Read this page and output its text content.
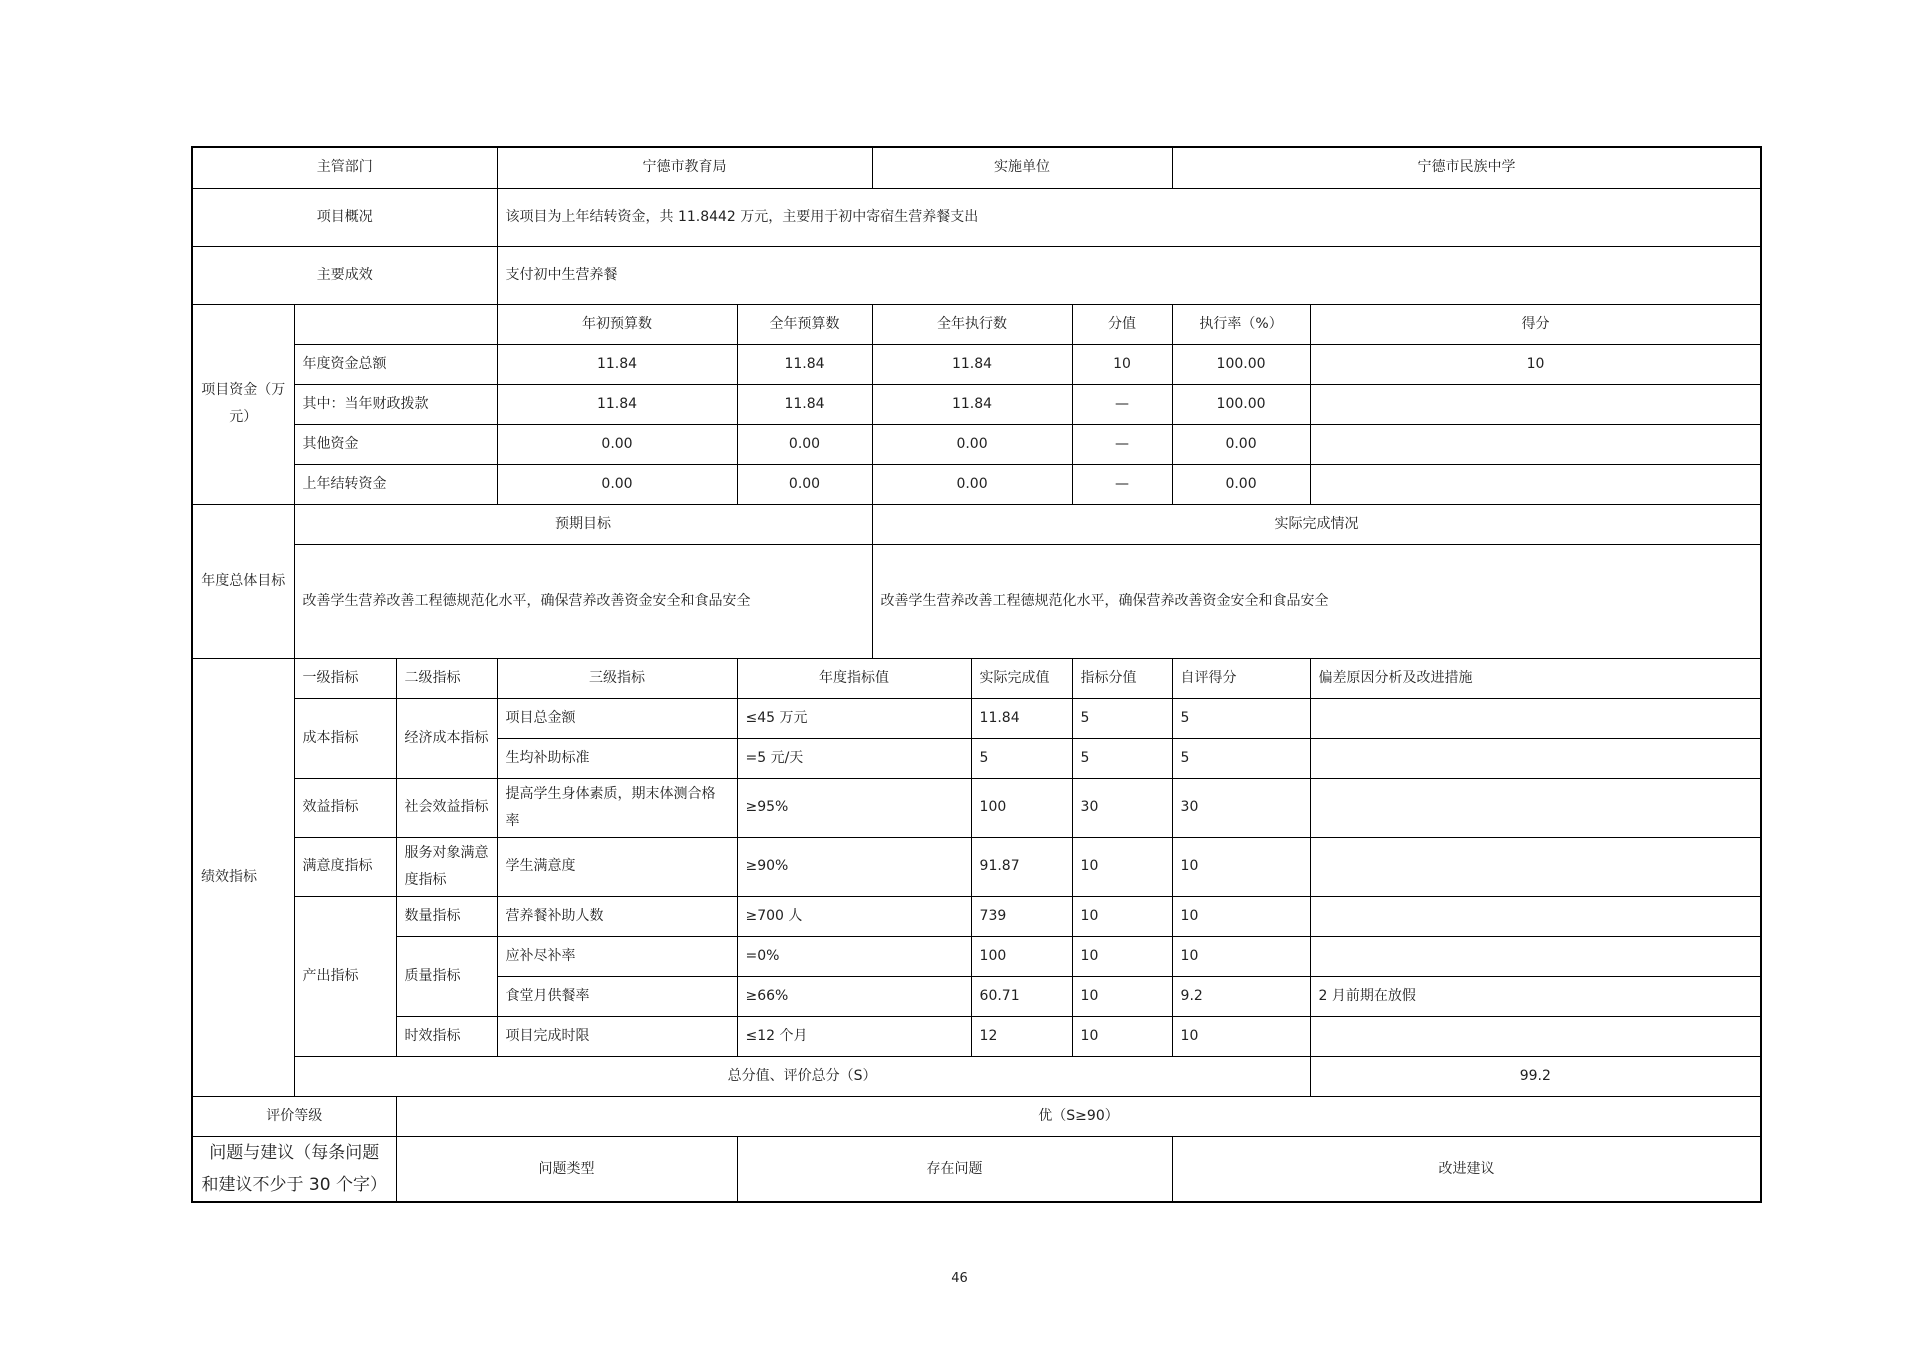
主管部门			宁德市教育局		实施单位			宁德市民族中学	
项目概况			该项目为上年结转资金，共 11.8442 万元，主要用于初中寄宿生营养餐支出						
主要成效			支付初中生营养餐						
项目资金（万元）			年初预算数	全年预算数	全年执行数		分值	执行率（%）	得分
	年度资金总额		11.84	11.84	11.84		10	100.00	10
	其中：当年财政拨款		11.84	11.84	11.84		—	100.00	
	其他资金		0.00	0.00	0.00		—	0.00	
	上年结转资金		0.00	0.00	0.00		—	0.00	
年度总体目标	预期目标				实际完成情况				
	改善学生营养改善工程德规范化水平，确保营养改善资金安全和食品安全				改善学生营养改善工程德规范化水平，确保营养改善资金安全和食品安全				
绩效指标	一级指标	二级指标	三级指标	年度指标值		实际完成值	指标分值	自评得分	偏差原因分析及改进措施
	成本指标	经济成本指标	项目总金额	≤45 万元		11.84	5	5	
			生均补助标准	=5 元/天		5	5	5	
	效益指标	社会效益指标	提高学生身体素质，期末体测合格率	≥95%		100	30	30	
	满意度指标	服务对象满意度指标	学生满意度	≥90%		91.87	10	10	
	产出指标	数量指标	营养餐补助人数	≥700 人		739	10	10	
		质量指标	应补尽补率	=0%		100	10	10	
			食堂月供餐率	≥66%		60.71	10	9.2	2 月前期在放假
		时效指标	项目完成时限	≤12 个月		12	10	10	
	总分值、评价总分（S）								99.2
评价等级		优（S≥90）							
问题与建议（每条问题和建议不少于 30 个字）		问题类型		存在问题				改进建议	
46
